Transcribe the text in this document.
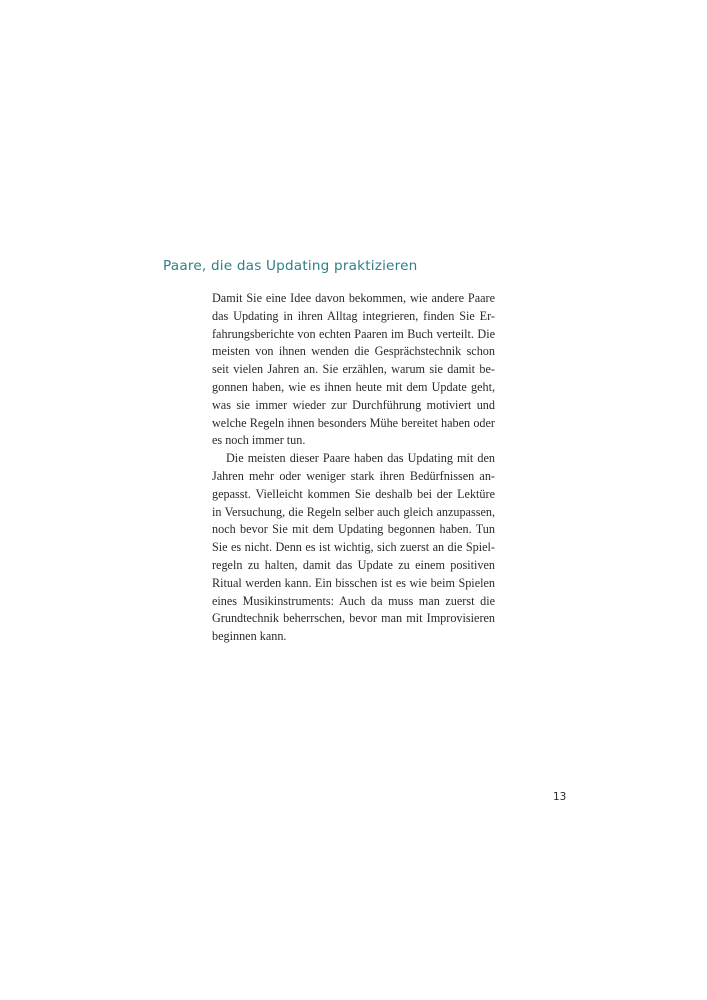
Paare, die das Updating praktizieren
Damit Sie eine Idee davon bekommen, wie andere Paare
das Updating in ihren Alltag integrieren, finden Sie Er-
fahrungsberichte von echten Paaren im Buch verteilt. Die
meisten von ihnen wenden die Gesprächstechnik schon
seit vielen Jahren an. Sie erzählen, warum sie damit be-
gonnen haben, wie es ihnen heute mit dem Update geht,
was sie immer wieder zur Durchführung motiviert und
welche Regeln ihnen besonders Mühe bereitet haben oder
es noch immer tun.
Die meisten dieser Paare haben das Updating mit den
Jahren mehr oder weniger stark ihren Bedürfnissen an-
gepasst. Vielleicht kommen Sie deshalb bei der Lektüre
in Versuchung, die Regeln selber auch gleich anzupassen,
noch bevor Sie mit dem Updating begonnen haben. Tun
Sie es nicht. Denn es ist wichtig, sich zuerst an die Spiel-
regeln zu halten, damit das Update zu einem positiven
Ritual werden kann. Ein bisschen ist es wie beim Spielen
eines Musikinstruments: Auch da muss man zuerst die
Grundtechnik beherrschen, bevor man mit Improvisieren
beginnen kann.
13
